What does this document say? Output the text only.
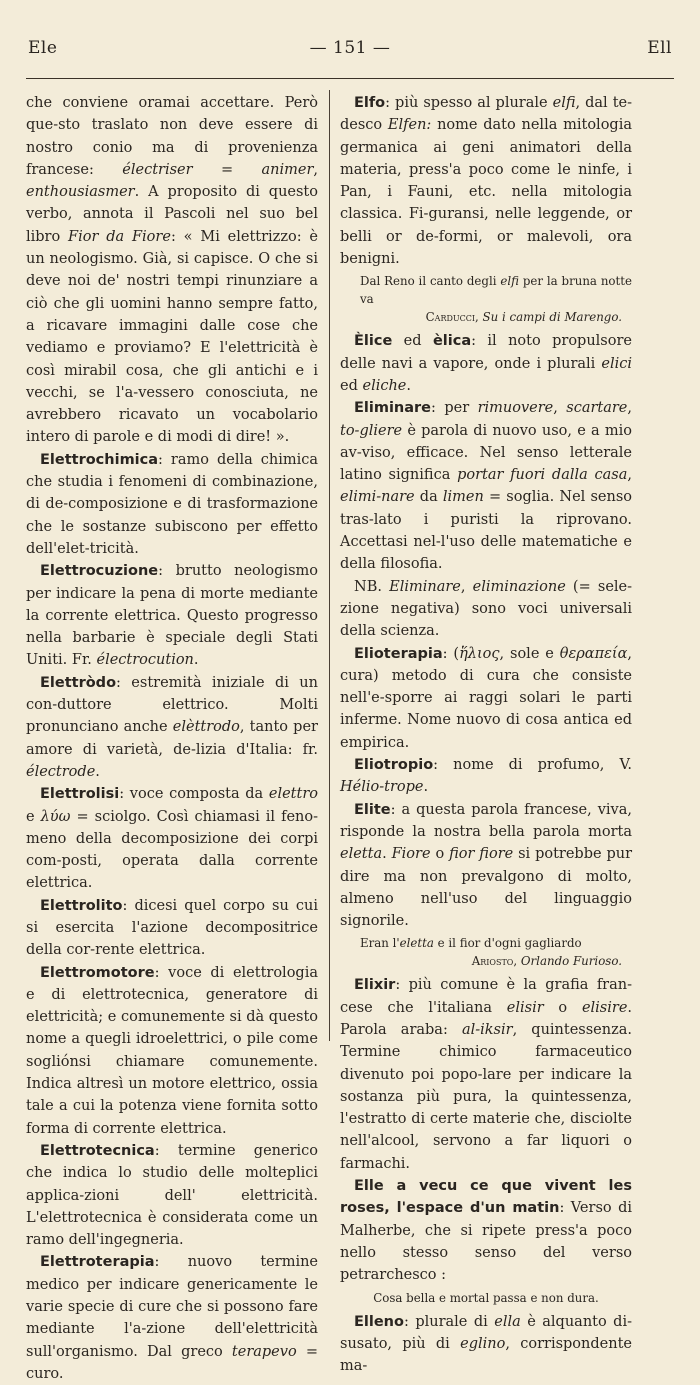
Ele	— 151 —	Ell

che conviene oramai accettare. Però que-sto traslato non deve essere di nostro conio ma di provenienza francese: électriser = animer, enthousiasmer. A proposito di questo verbo, annota il Pascoli nel suo bel libro Fior da Fiore: « Mi elettrizzo: è un neologismo. Già, si capisce. O che si deve noi de' nostri tempi rinunziare a ciò che gli uomini hanno sempre fatto, a ricavare immagini dalle cose che vediamo e proviamo? E l'elettricità è così mirabil cosa, che gli antichi e i vecchi, se l'a-vessero conosciuta, ne avrebbero ricavato un vocabolario intero di parole e di modi di dire! ».

Elettrochimica: ramo della chimica che studia i fenomeni di combinazione, di de-composizione e di trasformazione che le sostanze subiscono per effetto dell'elet-tricità.

Elettrocuzione: brutto neologismo per indicare la pena di morte mediante la corrente elettrica. Questo progresso nella barbarie è speciale degli Stati Uniti. Fr. électrocution.

Elettròdo: estremità iniziale di un con-duttore elettrico. Molti pronunciano anche elèttrodo, tanto per amore di varietà, de-lizia d'Italia: fr. électrode.

Elettrolisi: voce composta da elettro e λύω = sciolgo. Così chiamasi il feno-meno della decomposizione dei corpi com-posti, operata dalla corrente elettrica.

Elettrolito: dicesi quel corpo su cui si esercita l'azione decompositrice della cor-rente elettrica.

Elettromotore: voce di elettrologia e di elettrotecnica, generatore di elettricità; e comunemente si dà questo nome a quegli idroelettrici, o pile come sogliónsi chiamare comunemente. Indica altresì un motore elettrico, ossia tale a cui la potenza viene fornita sotto forma di corrente elettrica.

Elettrotecnica: termine generico che indica lo studio delle molteplici applica-zioni dell' elettricità. L'elettrotecnica è considerata come un ramo dell'ingegneria.

Elettroterapia: nuovo termine medico per indicare genericamente le varie specie di cure che si possono fare mediante l'a-zione dell'elettricità sull'organismo. Dal greco terapevo = curo.

Elfo: più spesso al plurale elfi, dal te-desco Elfen: nome dato nella mitologia germanica ai geni animatori della materia, press'a poco come le ninfe, i Pan, i Fauni, etc. nella mitologia classica. Fi-guransi, nelle leggende, or belli or de-formi, or malevoli, ora benigni.

Dal Reno il canto degli elfi per la bruna notte va
Carducci, Su i campi di Marengo.

Èlice ed èlica: il noto propulsore delle navi a vapore, onde i plurali elici ed eliche.

Eliminare: per rimuovere, scartare, to-gliere è parola di nuovo uso, e a mio av-viso, efficace. Nel senso letterale latino significa portar fuori dalla casa, elimi-nare da limen = soglia. Nel senso tras-lato i puristi la riprovano. Accettasi nel-l'uso delle matematiche e della filosofia.

NB. Eliminare, eliminazione (= sele-zione negativa) sono voci universali della scienza.

Elioterapia: (ἥλιος, sole e θεραπεία, cura) metodo di cura che consiste nell'e-sporre ai raggi solari le parti inferme. Nome nuovo di cosa antica ed empirica.

Eliotropio: nome di profumo, V. Hélio-trope.

Elite: a questa parola francese, viva, risponde la nostra bella parola morta eletta. Fiore o fior fiore si potrebbe pur dire ma non prevalgono di molto, almeno nell'uso del linguaggio signorile.

Eran l'eletta e il fior d'ogni gagliardo
Ariosto, Orlando Furioso.

Elixir: più comune è la grafia fran-cese che l'italiana elisir o elisire. Parola araba: al-iksir, quintessenza. Termine chimico farmaceutico divenuto poi popo-lare per indicare la sostanza più pura, la quintessenza, l'estratto di certe materie che, disciolte nell'alcool, servono a far liquori o farmachi.

Elle a vecu ce que vivent les roses, l'espace d'un matin: Verso di Malherbe, che si ripete press'a poco nello stesso senso del verso petrarchesco :

Cosa bella e mortal passa e non dura.

Elleno: plurale di ella è alquanto di-susato, più di eglino, corrispondente ma-
